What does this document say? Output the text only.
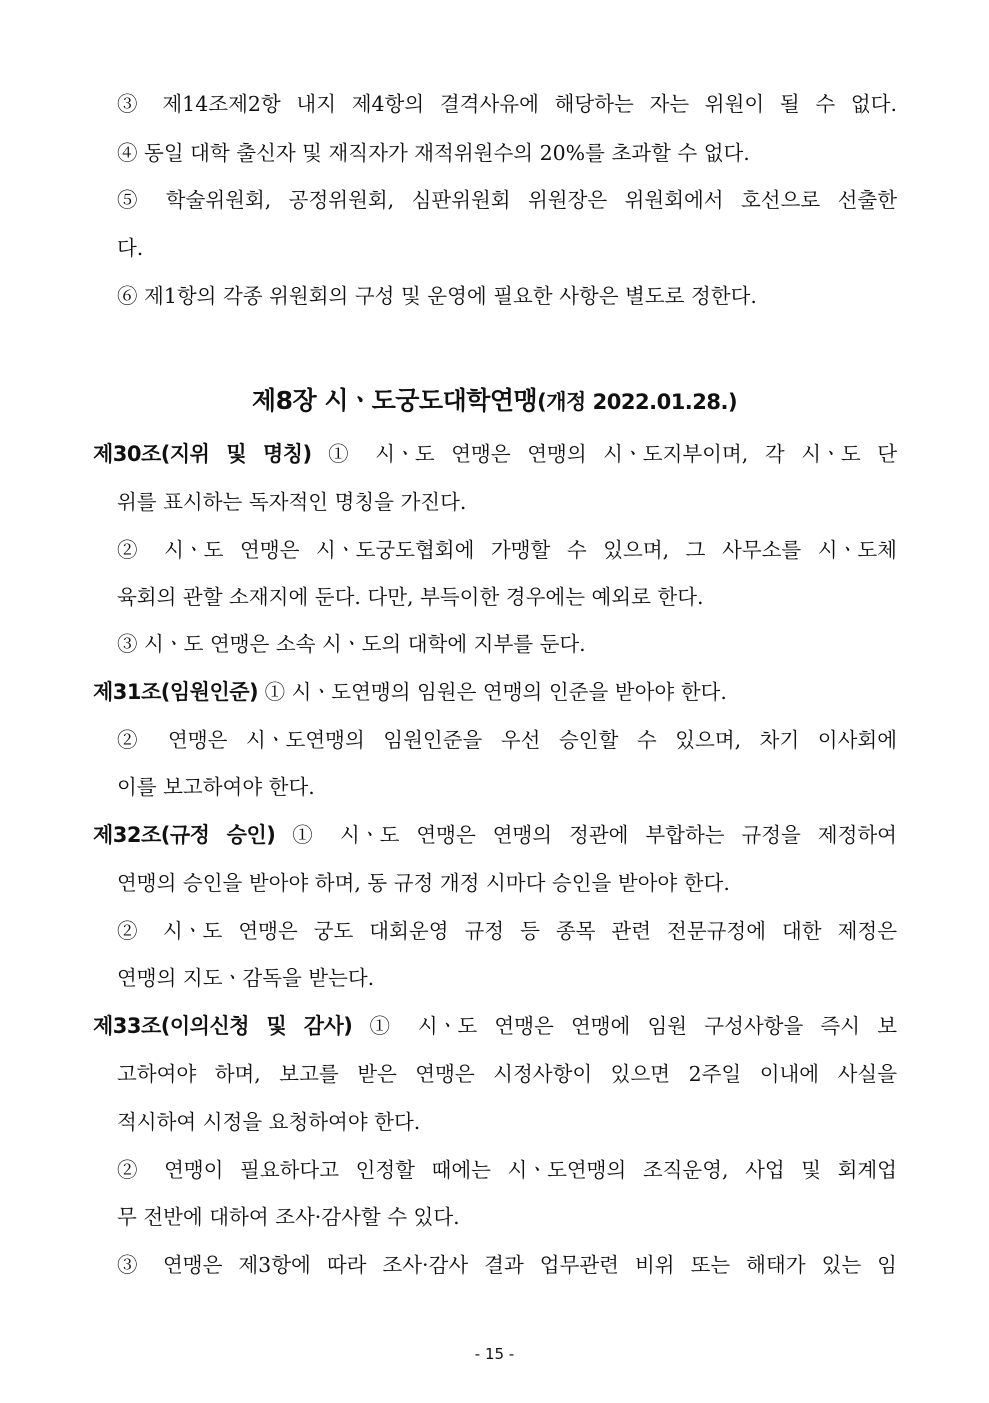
③ 제14조제2항 내지 제4항의 결격사유에 해당하는 자는 위원이 될 수 없다.
④ 동일 대학 출신자 및 재직자가 재적위원수의 20%를 초과할 수 없다.
⑤ 학술위원회, 공정위원회, 심판위원회 위원장은 위원회에서 호선으로 선출한
다.
⑥ 제1항의 각종 위원회의 구성 및 운영에 필요한 사항은 별도로 정한다.
제8장 시ㆍ도궁도대학연맹(개정 2022.01.28.)
제30조(지위 및 명칭) ① 시ㆍ도 연맹은 연맹의 시ㆍ도지부이며, 각 시ㆍ도 단
위를 표시하는 독자적인 명칭을 가진다.
② 시ㆍ도 연맹은 시ㆍ도궁도협회에 가맹할 수 있으며, 그 사무소를 시ㆍ도체
육회의 관할 소재지에 둔다. 다만, 부득이한 경우에는 예외로 한다.
③ 시ㆍ도 연맹은 소속 시ㆍ도의 대학에 지부를 둔다.
제31조(임원인준) ① 시ㆍ도연맹의 임원은 연맹의 인준을 받아야 한다.
② 연맹은 시ㆍ도연맹의 임원인준을 우선 승인할 수 있으며, 차기 이사회에
이를 보고하여야 한다.
제32조(규정 승인) ① 시ㆍ도 연맹은 연맹의 정관에 부합하는 규정을 제정하여
연맹의 승인을 받아야 하며, 동 규정 개정 시마다 승인을 받아야 한다.
② 시ㆍ도 연맹은 궁도 대회운영 규정 등 종목 관련 전문규정에 대한 제정은
연맹의 지도ㆍ감독을 받는다.
제33조(이의신청 및 감사) ① 시ㆍ도 연맹은 연맹에 임원 구성사항을 즉시 보
고하여야 하며, 보고를 받은 연맹은 시정사항이 있으면 2주일 이내에 사실을
적시하여 시정을 요청하여야 한다.
② 연맹이 필요하다고 인정할 때에는 시ㆍ도연맹의 조직운영, 사업 및 회계업
무 전반에 대하여 조사·감사할 수 있다.
③ 연맹은 제3항에 따라 조사·감사 결과 업무관련 비위 또는 해태가 있는 임
- 15 -
